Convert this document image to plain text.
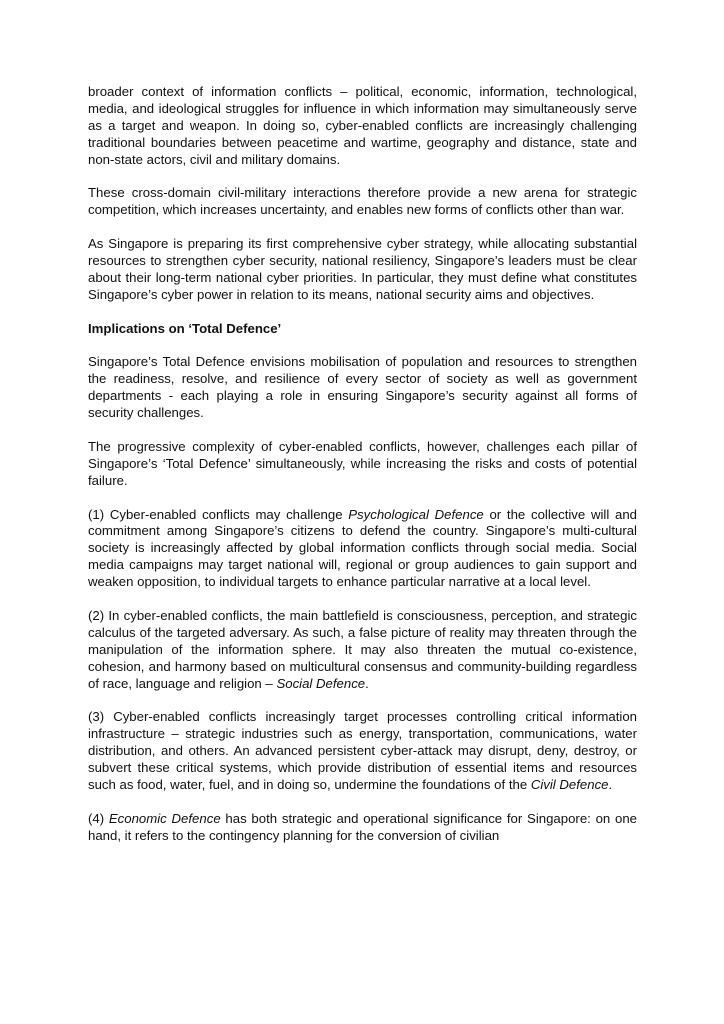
broader context of information conflicts – political, economic, information, technological, media, and ideological struggles for influence in which information may simultaneously serve as a target and weapon. In doing so, cyber-enabled conflicts are increasingly challenging traditional boundaries between peacetime and wartime, geography and distance, state and non-state actors, civil and military domains.

These cross-domain civil-military interactions therefore provide a new arena for strategic competition, which increases uncertainty, and enables new forms of conflicts other than war.

As Singapore is preparing its first comprehensive cyber strategy, while allocating substantial resources to strengthen cyber security, national resiliency, Singapore’s leaders must be clear about their long-term national cyber priorities. In particular, they must define what constitutes Singapore’s cyber power in relation to its means, national security aims and objectives.

Implications on ‘Total Defence’

Singapore’s Total Defence envisions mobilisation of population and resources to strengthen the readiness, resolve, and resilience of every sector of society as well as government departments - each playing a role in ensuring Singapore’s security against all forms of security challenges.

The progressive complexity of cyber-enabled conflicts, however, challenges each pillar of Singapore’s ‘Total Defence’ simultaneously, while increasing the risks and costs of potential failure.

(1) Cyber-enabled conflicts may challenge Psychological Defence or the collective will and commitment among Singapore’s citizens to defend the country. Singapore’s multi-cultural society is increasingly affected by global information conflicts through social media. Social media campaigns may target national will, regional or group audiences to gain support and weaken opposition, to individual targets to enhance particular narrative at a local level.

(2) In cyber-enabled conflicts, the main battlefield is consciousness, perception, and strategic calculus of the targeted adversary. As such, a false picture of reality may threaten through the manipulation of the information sphere. It may also threaten the mutual co-existence, cohesion, and harmony based on multicultural consensus and community-building regardless of race, language and religion – Social Defence.

(3) Cyber-enabled conflicts increasingly target processes controlling critical information infrastructure – strategic industries such as energy, transportation, communications, water distribution, and others. An advanced persistent cyber-attack may disrupt, deny, destroy, or subvert these critical systems, which provide distribution of essential items and resources such as food, water, fuel, and in doing so, undermine the foundations of the Civil Defence.

(4) Economic Defence has both strategic and operational significance for Singapore: on one hand, it refers to the contingency planning for the conversion of civilian
